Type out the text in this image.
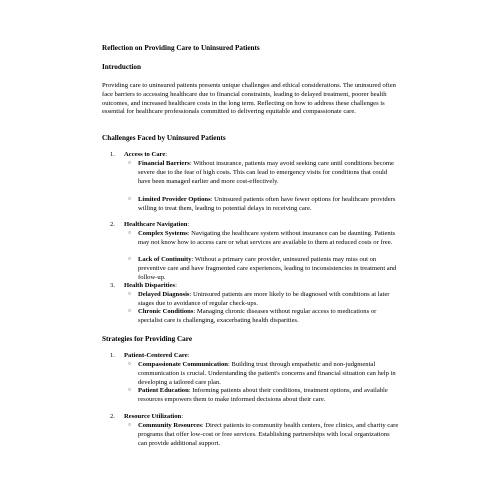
Reflection on Providing Care to Uninsured Patients
Introduction
Providing care to uninsured patients presents unique challenges and ethical considerations. The uninsured often face barriers to accessing healthcare due to financial constraints, leading to delayed treatment, poorer health outcomes, and increased healthcare costs in the long term. Reflecting on how to address these challenges is essential for healthcare professionals committed to delivering equitable and compassionate care.
Challenges Faced by Uninsured Patients
1. Access to Care:
○ Financial Barriers: Without insurance, patients may avoid seeking care until conditions become severe due to the fear of high costs. This can lead to emergency visits for conditions that could have been managed earlier and more cost-effectively.
○ Limited Provider Options: Uninsured patients often have fewer options for healthcare providers willing to treat them, leading to potential delays in receiving care.
2. Healthcare Navigation:
○ Complex Systems: Navigating the healthcare system without insurance can be daunting. Patients may not know how to access care or what services are available to them at reduced costs or free.
○ Lack of Continuity: Without a primary care provider, uninsured patients may miss out on preventive care and have fragmented care experiences, leading to inconsistencies in treatment and follow-up.
3. Health Disparities:
○ Delayed Diagnosis: Uninsured patients are more likely to be diagnosed with conditions at later stages due to avoidance of regular check-ups.
○ Chronic Conditions: Managing chronic diseases without regular access to medications or specialist care is challenging, exacerbating health disparities.
Strategies for Providing Care
1. Patient-Centered Care:
○ Compassionate Communication: Building trust through empathetic and non-judgmental communication is crucial. Understanding the patient's concerns and financial situation can help in developing a tailored care plan.
○ Patient Education: Informing patients about their conditions, treatment options, and available resources empowers them to make informed decisions about their care.
2. Resource Utilization:
○ Community Resources: Direct patients to community health centers, free clinics, and charity care programs that offer low-cost or free services. Establishing partnerships with local organizations can provide additional support.
